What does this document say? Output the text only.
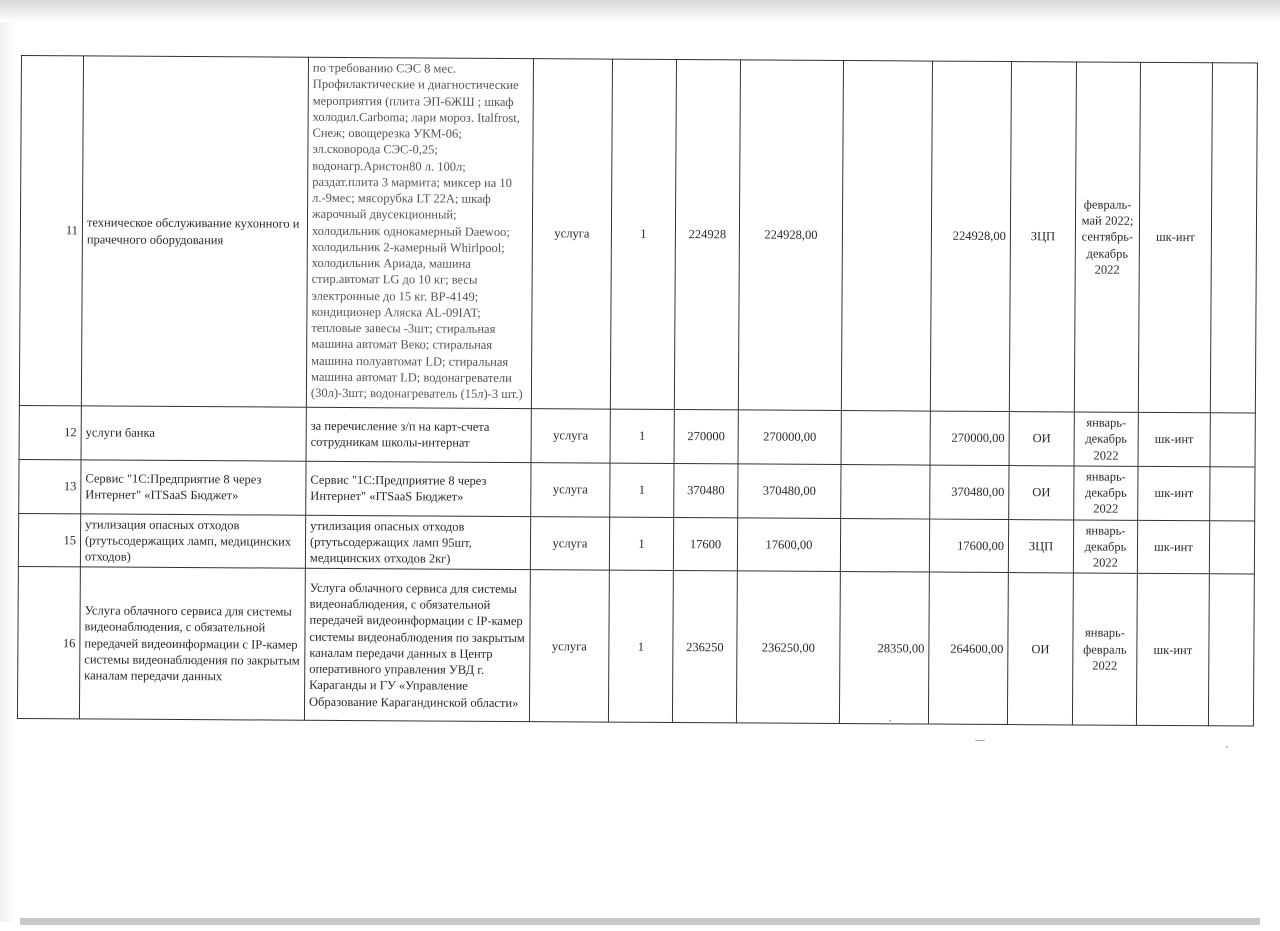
11	техническое обслуживание кухонного и прачечного оборудования	по требованию СЭС 8 мес. Профилактические и диагностические мероприятия (плита ЭП-6ЖШ ; шкаф холодил.Carboma; лари мороз. Italfrost, Снеж; овощерезка УКМ-06; эл.сковорода СЭС-0,25; водонагр.Аристон80 л. 100л; раздат.плита 3 мармита; миксер на 10 л.-9мес; мясорубка LT 22A; шкаф жарочный двусекционный; холодильник однокамерный Daewoo; холодильник 2-камерный Whirlpool; холодильник Ариада, машина стир.автомат LG до 10 кг; весы электронные до 15 кг. ВР-4149; кондиционер Аляска AL-09IAT; тепловые завесы -3шт; стиральная машина автомат Веко; стиральная машина полуавтомат LD; стиральная машина автомат LD; водонагреватели (30л)-3шт; водонагреватель (15л)-3 шт.)	услуга	1	224928	224928,00		224928,00	ЗЦП	февраль-май 2022; сентябрь-декабрь 2022	шк-инт	
12	услуги банка	за перечисление з/п на карт-счета сотрудникам школы-интернат	услуга	1	270000	270000,00		270000,00	ОИ	январь-декабрь 2022	шк-инт	
13	Сервис "1С:Предприятие 8 через Интернет" «ITSaaS Бюджет»	Сервис "1С:Предприятие 8 через Интернет" «ITSaaS Бюджет»	услуга	1	370480	370480,00		370480,00	ОИ	январь-декабрь 2022	шк-инт	
15	утилизация опасных отходов (ртутьсодержащих ламп, медицинских отходов)	утилизация опасных отходов (ртутьсодержащих ламп 95шт, медицинских отходов 2кг)	услуга	1	17600	17600,00		17600,00	ЗЦП	январь-декабрь 2022	шк-инт	
16	Услуга облачного сервиса для системы видеонаблюдения, с обязательной передачей видеоинформации с IP-камер системы видеонаблюдения по закрытым каналам передачи данных	Услуга облачного сервиса для системы видеонаблюдения, с обязательной передачей видеоинформации с IP-камер системы видеонаблюдения по закрытым каналам передачи данных в Центр оперативного управления УВД г. Караганды и ГУ «Управление Образование Карагандинской области»	услуга	1	236250	236250,00	28350,00	264600,00	ОИ	январь-февраль 2022	шк-инт	
